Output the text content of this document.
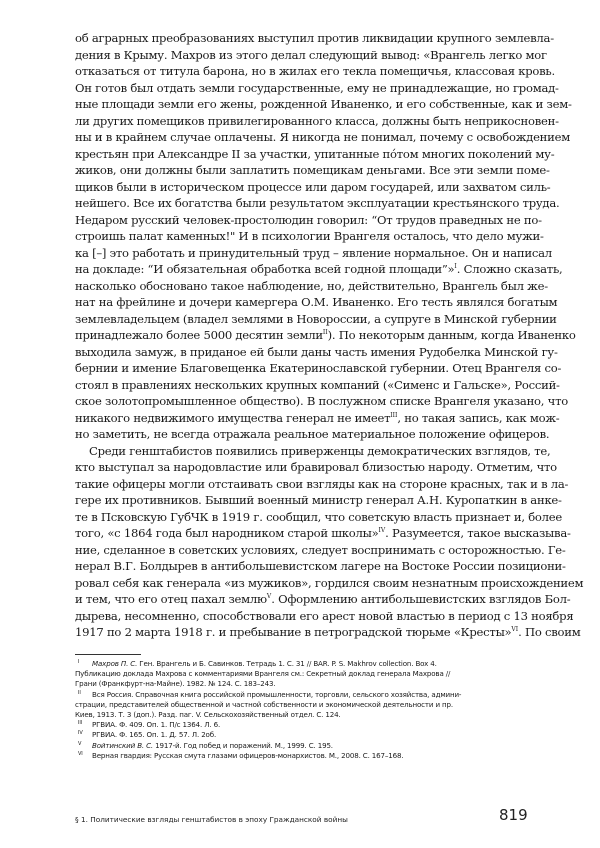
об аграрных преобразованиях выступил против ликвидации крупного землевла-
дения в Крыму. Махров из этого делал следующий вывод: «Врангель легко мог
отказаться от титула барона, но в жилах его текла помещичья, классовая кровь.
Он готов был отдать земли государственные, ему не принадлежащие, но громад-
ные площади земли его жены, рожденной Иваненко, и его собственные, как и зем-
ли других помещиков привилегированного класса, должны быть неприкосновен-
ны и в крайнем случае оплачены. Я никогда не понимал, почему с освобождением
крестьян при Александре II за участки, упитанные пóтом многих поколений му-
жиков, они должны были заплатить помещикам деньгами. Все эти земли поме-
щиков были в историческом процессе или даром государей, или захватом силь-
нейшего. Все их богатства были результатом эксплуатации крестьянского труда.
Недаром русский человек-простолюдин говорил: “От трудов праведных не по-
строишь палат каменных!" И в психологии Врангеля осталось, что дело мужи-
ка [–] это работать и принудительный труд – явление нормальное. Он и написал
на докладе: “И обязательная обработка всей годной площади”»$^I$. Сложно сказать,
насколько обосновано такое наблюдение, но, действительно, Врангель был же-
нат на фрейлине и дочери камергера О.М. Иваненко. Его тесть являлся богатым
землевладельцем (владел землями в Новороссии, а супруге в Минской губернии
принадлежало более 5000 десятин земли$^{II}$). По некоторым данным, когда Иваненко
выходила замуж, в приданое ей были даны часть имения Рудобелка Минской гу-
бернии и имение Благовещенка Екатеринославской губернии. Отец Врангеля со-
стоял в правлениях нескольких крупных компаний («Сименс и Гальске», Россий-
ское золотопромышленное общество). В послужном списке Врангеля указано, что
никакого недвижимого имущества генерал не имеет$^{III}$, но такая запись, как мож-
но заметить, не всегда отражала реальное материальное положение офицеров.
Среди генштабистов появились приверженцы демократических взглядов, те,
кто выступал за народовластие или бравировал близостью народу. Отметим, что
такие офицеры могли отстаивать свои взгляды как на стороне красных, так и в ла-
гере их противников. Бывший военный министр генерал А.Н. Куропаткин в анке-
те в Псковскую ГубЧК в 1919 г. сообщил, что советскую власть признает и, более
того, «с 1864 года был народником старой школы»$^{IV}$. Разумеется, такое высказыва-
ние, сделанное в советских условиях, следует воспринимать с осторожностью. Ге-
нерал В.Г. Болдырев в антибольшевистском лагере на Востоке России позициони-
ровал себя как генерала «из мужиков», гордился своим незнатным происхождением
и тем, что его отец пахал землю$^V$. Оформлению антибольшевистских взглядов Бол-
дырева, несомненно, способствовали его арест новой властью в период с 13 ноября
1917 по 2 марта 1918 г. и пребывание в петроградской тюрьме «Кресты»$^{VI}$. По своим
I Махров П. С. Ген. Врангель и Б. Савинков. Тетрадь 1. С. 31 // BAR. P. S. Makhrov collection. Box 4.
Публикацию доклада Махрова с комментариями Врангеля см.: Секретный доклад генерала Махрова //
Грани (Франкфурт-на-Майне). 1982. № 124. С. 183–243.
II Вся Россия. Справочная книга российской промышленности, торговли, сельского хозяйства, админи-
страции, представителей общественной и частной собственности и экономической деятельности и пр.
Киев, 1913. Т. 3 (доп.). Разд. паг. V. Сельскохозяйственный отдел. С. 124.
III РГВИА. Ф. 409. Оп. 1. П/с 1364. Л. 6.
IV РГВИА. Ф. 165. Оп. 1. Д. 57. Л. 2об.
V Войтинский В. С. 1917-й. Год побед и поражений. М., 1999. С. 195.
VI Верная гвардия: Русская смута глазами офицеров-монархистов. М., 2008. С. 167–168.
§ 1. Политические взгляды генштабистов в эпоху Гражданской войны	819
